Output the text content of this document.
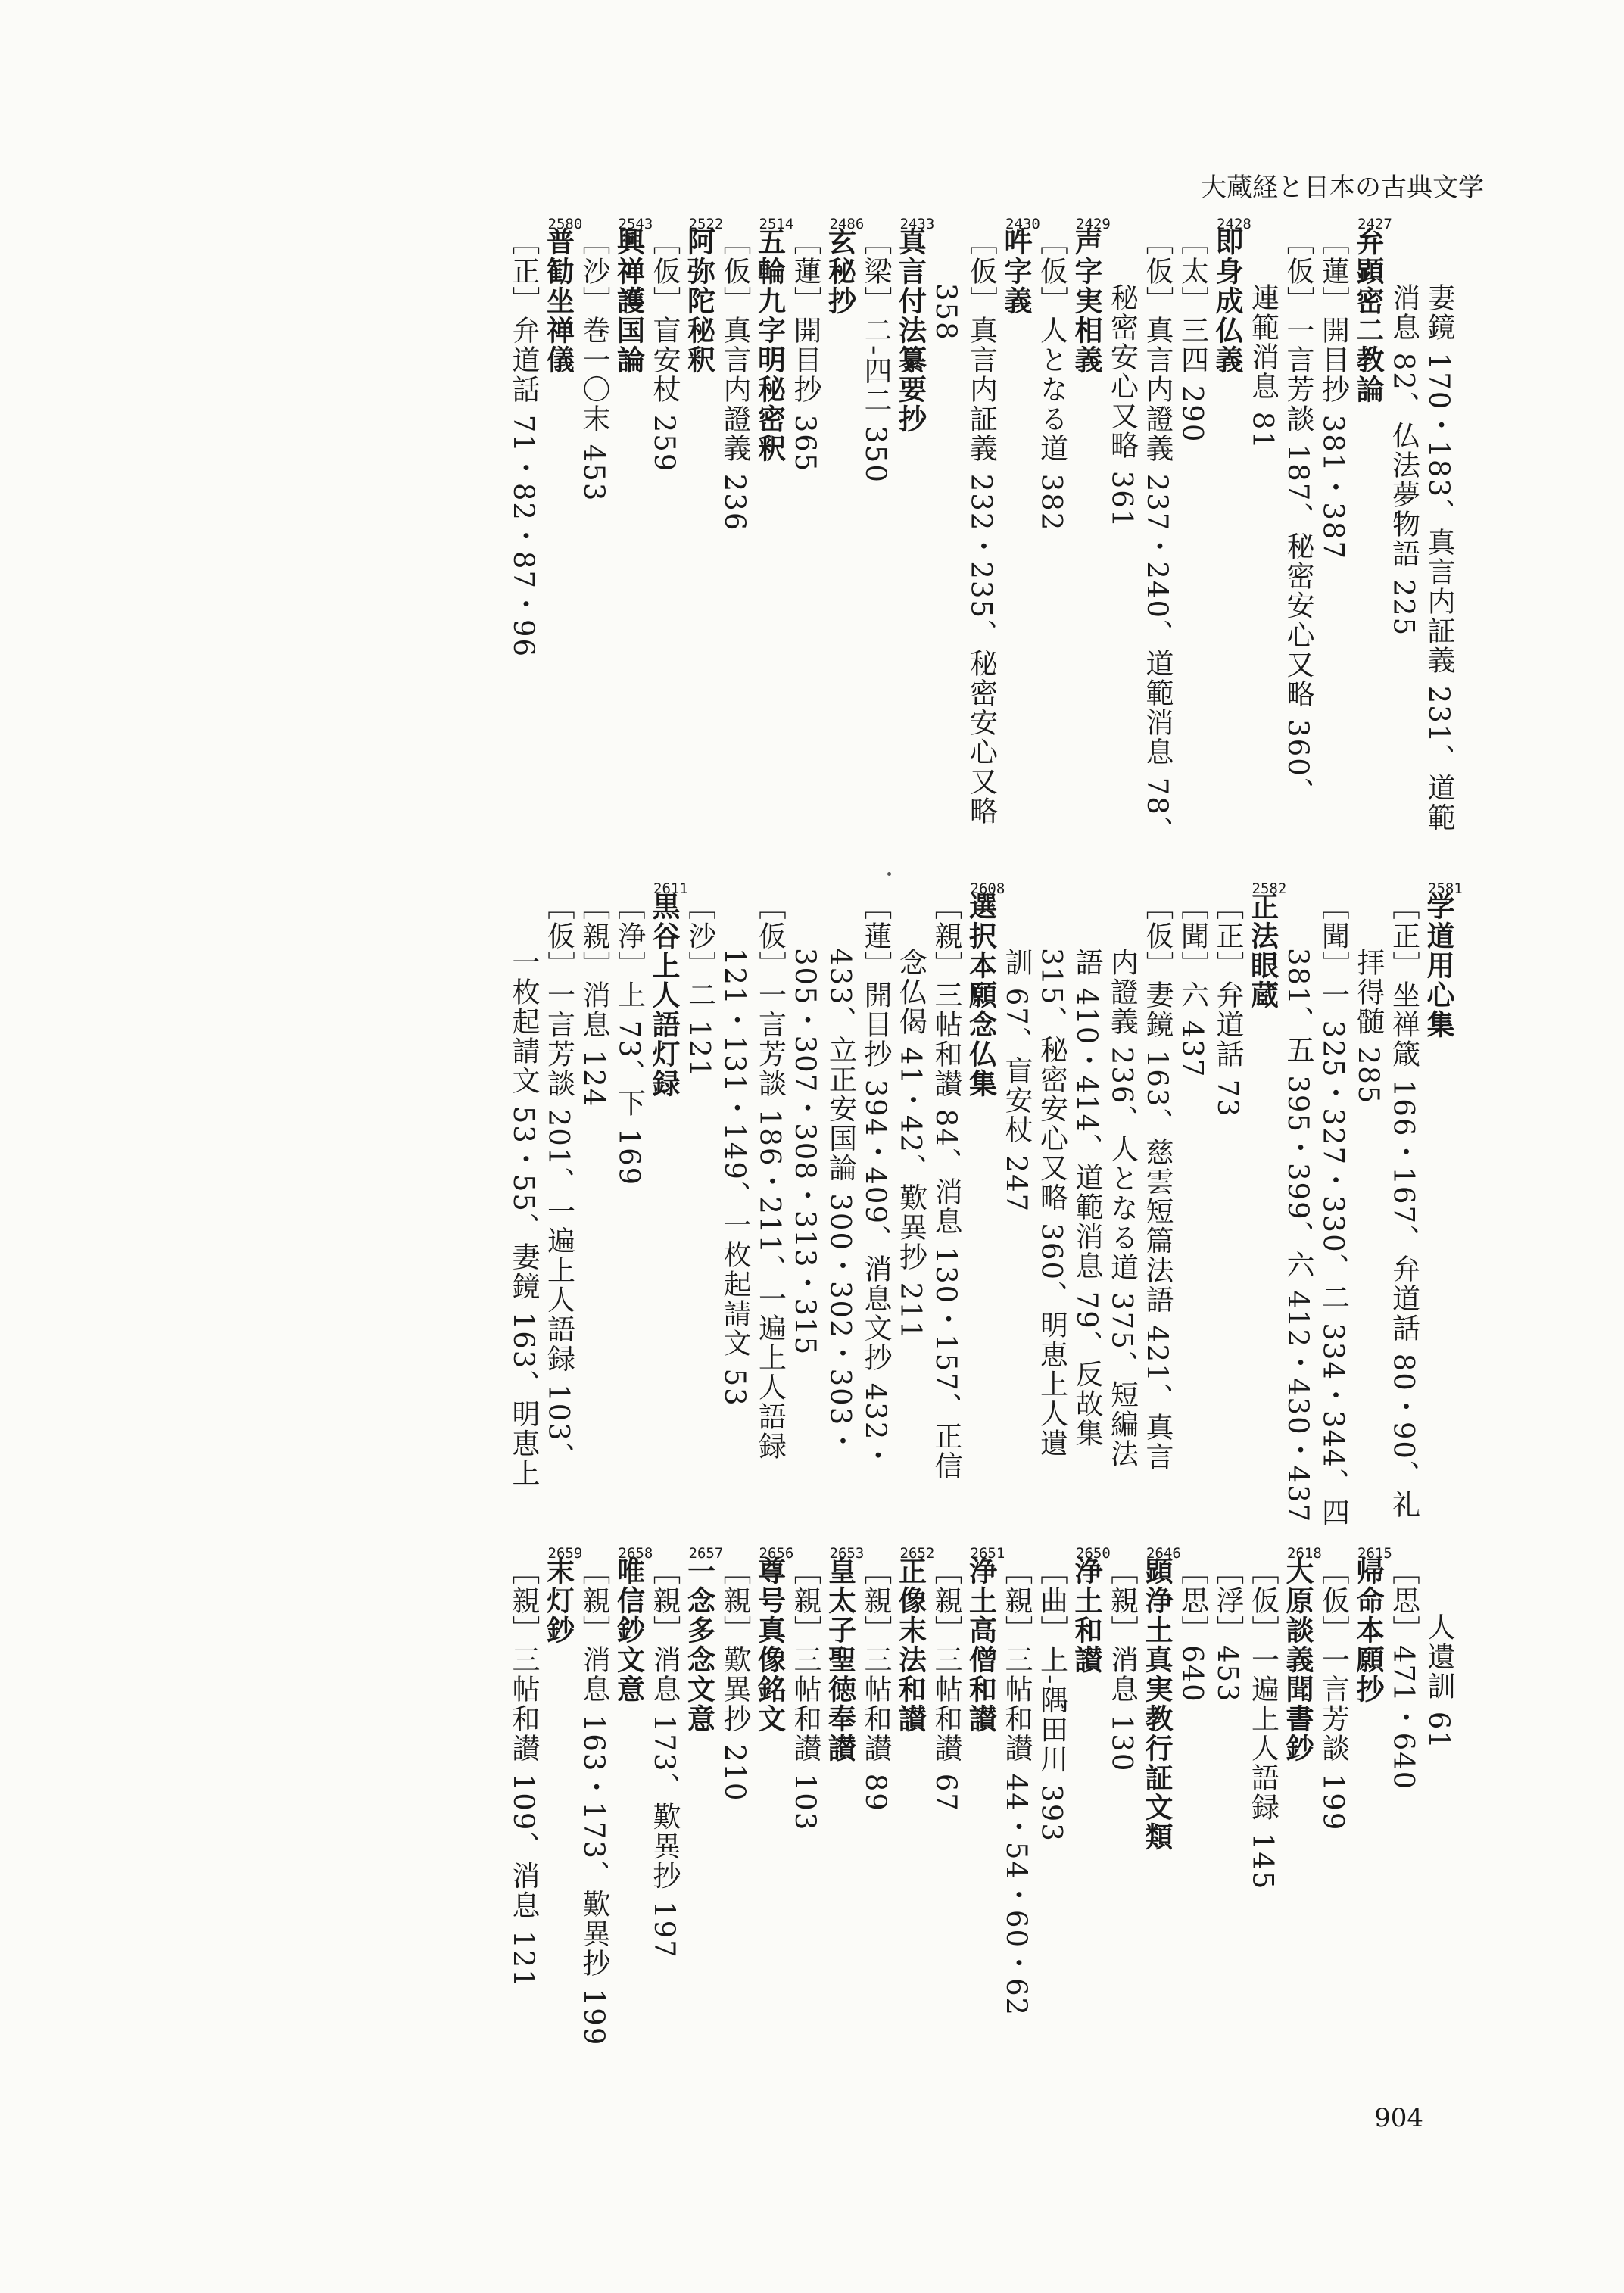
大蔵経と日本の古典文学
妻鏡 170・183、真言内証義 231、道範
消息 82、仏法夢物語 225
2427
弁顕密二教論
［蓮］開目抄 381・387
［仮］一言芳談 187、秘密安心又略 360、
連範消息 81
2428
即身成仏義
［太］三四 290
［仮］真言内證義 237・240、道範消息 78、
秘密安心又略 361
2429
声字実相義
［仮］人となる道 382
2430
吽字義
［仮］真言内証義 232・235、秘密安心又略
358
2433
真言付法纂要抄
［梁］二-四二 350
2486
玄秘抄
［蓮］開目抄 365
2514
五輪九字明秘密釈
［仮］真言内證義 236
2522
阿弥陀秘釈
［仮］盲安杖 259
2543
興禅護国論
［沙］巻一〇末 453
2580
普勧坐禅儀
［正］弁道話 71・82・87・96
2581
学道用心集
［正］坐禅箴 166・167、弁道話 80・90、礼
拝得髄 285
［聞］一 325・327・330、二 334・344、四
381、五 395・399、六 412・430・437
2582
正法眼蔵
［正］弁道話 73
［聞］六 437
［仮］妻鏡 163、慈雲短篇法語 421、真言
内證義 236、人となる道 375、短編法
語 410・414、道範消息 79、反故集
315、秘密安心又略 360、明恵上人遺
訓 67、盲安杖 247
2608
選択本願念仏集
［親］三帖和讃 84、消息 130・157、正信
念仏偈 41・42、歎異抄 211
［蓮］開目抄 394・409、消息文抄 432・
433、立正安国論 300・302・303・
305・307・308・313・315
［仮］一言芳談 186・211、一遍上人語録
121・131・149、一枚起請文 53
［沙］二 121
2611
黒谷上人語灯録
［浄］上 73、下 169
［親］消息 124
［仮］一言芳談 201、一遍上人語録 103、
一枚起請文 53・55、妻鏡 163、明恵上
人遺訓 61
［思］471・640
2615
帰命本願抄
［仮］一言芳談 199
2618
大原談義聞書鈔
［仮］一遍上人語録 145
［浮］453
［思］640
2646
顕浄土真実教行証文類
［親］消息 130
2650
浄土和讃
［曲］上-隅田川 393
［親］三帖和讃 44・54・60・62
2651
浄土高僧和讃
［親］三帖和讃 67
2652
正像末法和讃
［親］三帖和讃 89
2653
皇太子聖徳奉讃
［親］三帖和讃 103
2656
尊号真像銘文
［親］歎異抄 210
2657
一念多念文意
［親］消息 173、歎異抄 197
2658
唯信鈔文意
［親］消息 163・173、歎異抄 199
2659
末灯鈔
［親］三帖和讃 109、消息 121
904
